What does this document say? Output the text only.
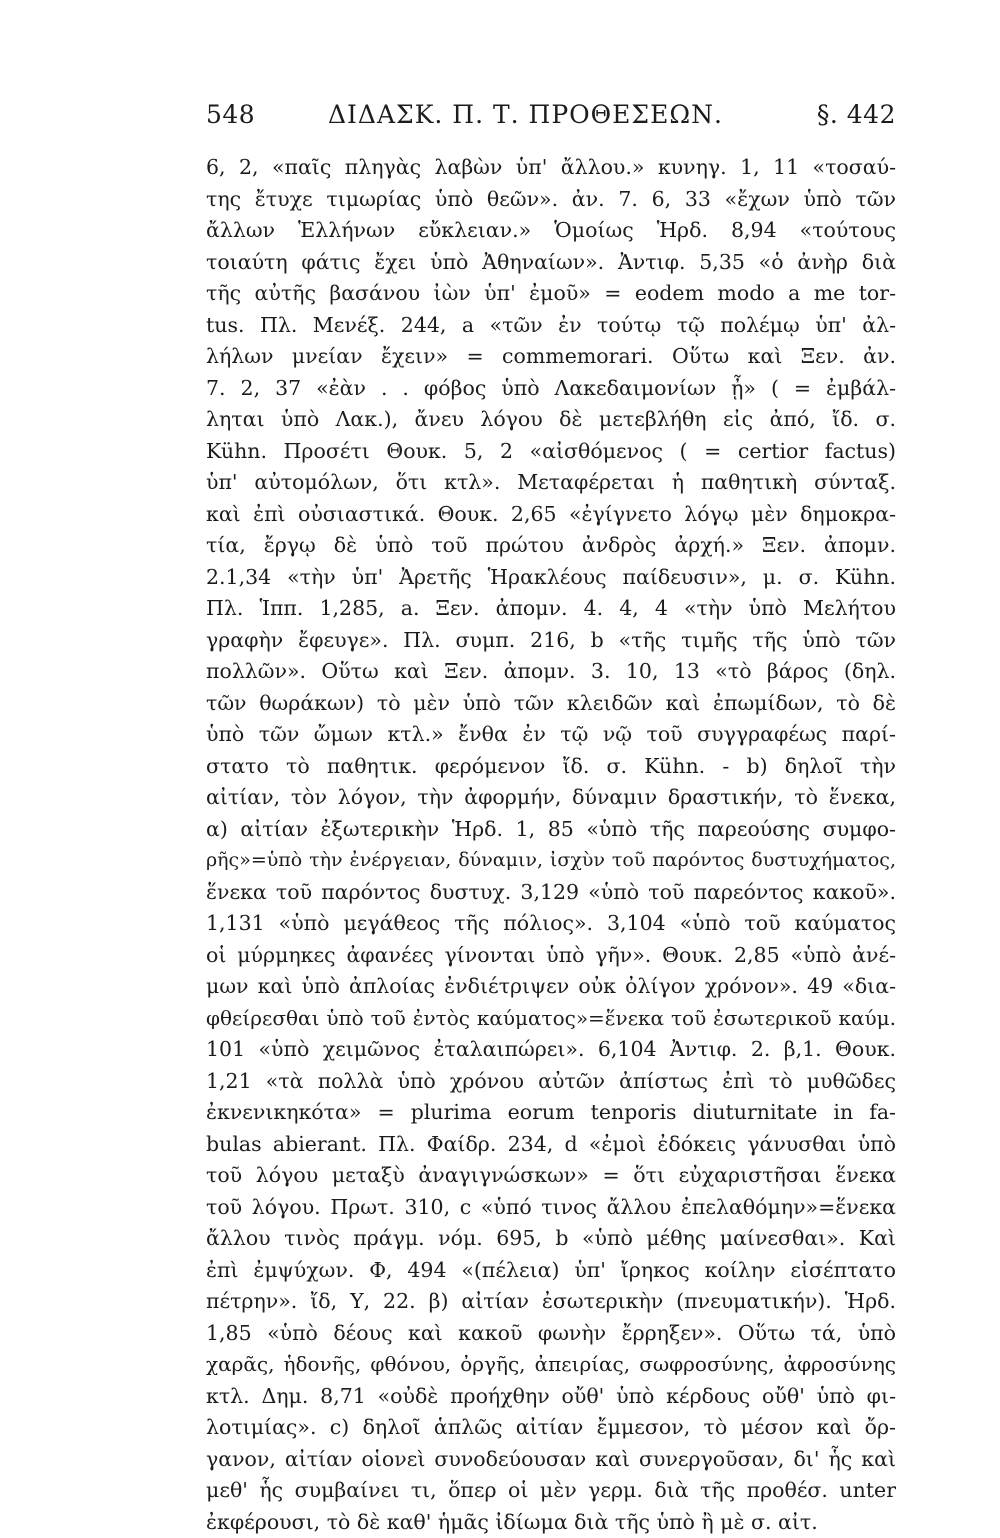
548	ΔΙΔΑΣΚ. Π. Τ. ΠΡΟΘΕΣΕΩΝ.	§. 442
6, 2, «παῖς πληγὰς λαβὼν ὑπ' ἄλλου.» κυνηγ. 1, 11 «τοσαύ-
της ἔτυχε τιμωρίας ὑπὸ θεῶν». ἀν. 7. 6, 33 «ἔχων ὑπὸ τῶν
ἄλλων Ἑλλήνων εὔκλειαν.» Ὁμοίως Ἡρδ. 8,94 «τούτους
τοιαύτη φάτις ἔχει ὑπὸ Ἀθηναίων». Ἀντιφ. 5,35 «ὁ ἀνὴρ διὰ
τῆς αὐτῆς βασάνου ἰὼν ὑπ' ἐμοῦ» = eodem modo a me tor-
tus. Πλ. Μενέξ. 244, a «τῶν ἐν τούτῳ τῷ πολέμῳ ὑπ' ἀλ-
λήλων μνείαν ἔχειν» = commemorari. Οὕτω καὶ Ξεν. ἀν.
7. 2, 37 «ἐὰν . . φόβος ὑπὸ Λακεδαιμονίων ᾖ» ( = ἐμβάλ-
ληται ὑπὸ Λακ.), ἄνευ λόγου δὲ μετεβλήθη εἰς ἀπό, ἴδ. σ.
Kühn. Προσέτι Θουκ. 5, 2 «αἰσθόμενος ( = certior factus)
ὑπ' αὐτομόλων, ὅτι κτλ». Μεταφέρεται ἡ παθητικὴ σύνταξ.
καὶ ἐπὶ οὐσιαστικά. Θουκ. 2,65 «ἐγίγνετο λόγῳ μὲν δημοκρα-
τία, ἔργῳ δὲ ὑπὸ τοῦ πρώτου ἀνδρὸς ἀρχή.» Ξεν. ἀπομν.
2.1,34 «τὴν ὑπ' Ἀρετῆς Ἡρακλέους παίδευσιν», μ. σ. Kühn.
Πλ. Ἱππ. 1,285, a. Ξεν. ἀπομν. 4. 4, 4 «τὴν ὑπὸ Μελήτου
γραφὴν ἔφευγε». Πλ. συμπ. 216, b «τῆς τιμῆς τῆς ὑπὸ τῶν
πολλῶν». Οὕτω καὶ Ξεν. ἀπομν. 3. 10, 13 «τὸ βάρος (δηλ.
τῶν θωράκων) τὸ μὲν ὑπὸ τῶν κλειδῶν καὶ ἐπωμίδων, τὸ δὲ
ὑπὸ τῶν ὤμων κτλ.» ἔνθα ἐν τῷ νῷ τοῦ συγγραφέως παρί-
στατο τὸ παθητικ. φερόμενον ἴδ. σ. Kühn. - b) δηλοῖ τὴν
αἰτίαν, τὸν λόγον, τὴν ἀφορμήν, δύναμιν δραστικήν, τὸ ἕνεκα,
α) αἰτίαν ἐξωτερικὴν Ἡρδ. 1, 85 «ὑπὸ τῆς παρεούσης συμφο-
ρῆς»=ὑπὸ τὴν ἐνέργειαν, δύναμιν, ἰσχὺν τοῦ παρόντος δυστυχήματος,
ἕνεκα τοῦ παρόντος δυστυχ. 3,129 «ὑπὸ τοῦ παρεόντος κακοῦ».
1,131 «ὑπὸ μεγάθεος τῆς πόλιος». 3,104 «ὑπὸ τοῦ καύματος
οἱ μύρμηκες ἀφανέες γίνονται ὑπὸ γῆν». Θουκ. 2,85 «ὑπὸ ἀνέ-
μων καὶ ὑπὸ ἀπλοίας ἐνδιέτριψεν οὐκ ὀλίγον χρόνον». 49 «δια-
φθείρεσθαι ὑπὸ τοῦ ἐντὸς καύματος»=ἕνεκα τοῦ ἐσωτερικοῦ καύμ.
101 «ὑπὸ χειμῶνος ἐταλαιπώρει». 6,104 Ἀντιφ. 2. β,1. Θουκ.
1,21 «τὰ πολλὰ ὑπὸ χρόνου αὐτῶν ἀπίστως ἐπὶ τὸ μυθῶδες
ἐκνενικηκότα» = plurima eorum tenporis diuturnitate in fa-
bulas abierant. Πλ. Φαίδρ. 234, d «ἐμοὶ ἐδόκεις γάνυσθαι ὑπὸ
τοῦ λόγου μεταξὺ ἀναγιγνώσκων» = ὅτι εὐχαριστῆσαι ἕνεκα
τοῦ λόγου. Πρωτ. 310, c «ὑπό τινος ἄλλου ἐπελαθόμην»=ἕνεκα
ἄλλου τινὸς πράγμ. νόμ. 695, b «ὑπὸ μέθης μαίνεσθαι». Καὶ
ἐπὶ ἐμψύχων. Φ, 494 «(πέλεια) ὑπ' ἴρηκος κοίλην εἰσέπτατο
πέτρην». ἴδ, Υ, 22. β) αἰτίαν ἐσωτερικὴν (πνευματικήν). Ἡρδ.
1,85 «ὑπὸ δέους καὶ κακοῦ φωνὴν ἔρρηξεν». Οὕτω τά, ὑπὸ
χαρᾶς, ἡδονῆς, φθόνου, ὀργῆς, ἀπειρίας, σωφροσύνης, ἀφροσύνης
κτλ. Δημ. 8,71 «οὐδὲ προήχθην οὔθ' ὑπὸ κέρδους οὔθ' ὑπὸ φι-
λοτιμίας». c) δηλοῖ ἁπλῶς αἰτίαν ἔμμεσον, τὸ μέσον καὶ ὄρ-
γανον, αἰτίαν οἱονεὶ συνοδεύουσαν καὶ συνεργοῦσαν, δι' ἧς καὶ
μεθ' ἧς συμβαίνει τι, ὅπερ οἱ μὲν γερμ. διὰ τῆς προθέσ. unter
ἐκφέρουσι, τὸ δὲ καθ' ἡμᾶς ἰδίωμα διὰ τῆς ὑπὸ ἢ μὲ σ. αἰτ.
